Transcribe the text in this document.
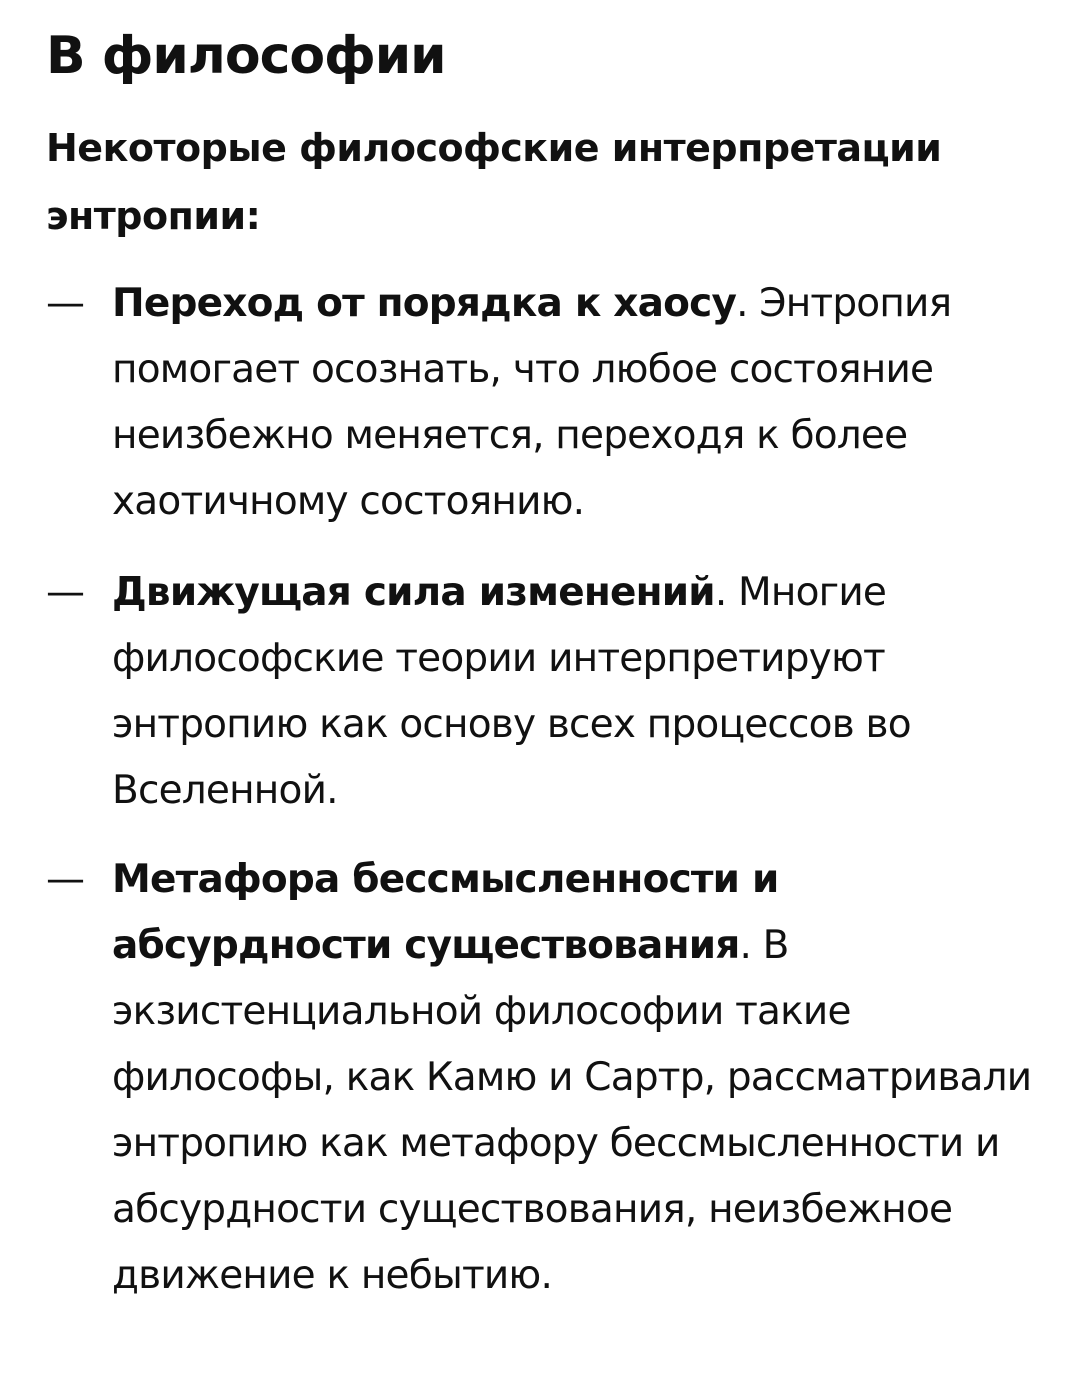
В философии

Некоторые философские интерпретации энтропии:

— Переход от порядка к хаосу. Энтропия помогает осознать, что любое состояние неизбежно меняется, переходя к более хаотичному состоянию.
— Движущая сила изменений. Многие философские теории интерпретируют энтропию как основу всех процессов во Вселенной.
— Метафора бессмысленности и абсурдности существования. В экзистенциальной философии такие философы, как Камю и Сартр, рассматривали энтропию как метафору бессмысленности и абсурдности существования, неизбежное движение к небытию.
